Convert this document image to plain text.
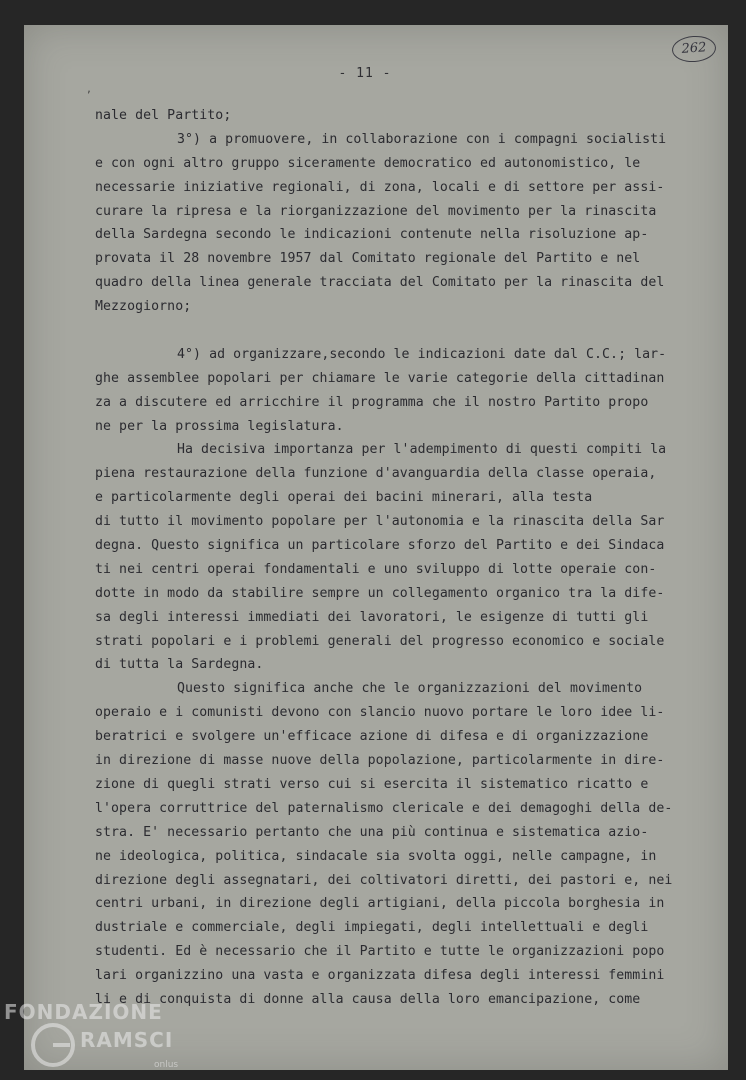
,
262
- 11 -
nale del Partito;
3°) a promuovere, in collaborazione con i compagni socialisti
e con ogni altro gruppo siceramente democratico ed autonomistico, le
necessarie iniziative regionali, di zona, locali e di settore per assi-
curare la ripresa e la riorganizzazione del movimento per la rinascita
della Sardegna secondo le indicazioni contenute nella risoluzione ap-
provata il 28 novembre 1957 dal Comitato regionale del Partito e nel
quadro della linea generale tracciata del Comitato per la rinascita del
Mezzogiorno;
4°) ad organizzare,secondo le indicazioni date dal C.C.; lar-
ghe assemblee popolari per chiamare le varie categorie della cittadinan
za a discutere ed arricchire il programma che il nostro Partito propo
ne per la prossima legislatura.
Ha decisiva importanza per l'adempimento di questi compiti la
piena restaurazione della funzione d'avanguardia della classe operaia,
e particolarmente degli operai dei bacini minerari, alla testa
di tutto il movimento popolare per l'autonomia e la rinascita della Sar
degna. Questo significa un particolare sforzo del Partito e dei Sindaca
ti nei centri operai fondamentali e uno sviluppo di lotte operaie con-
dotte in modo da stabilire sempre un collegamento organico tra la dife-
sa degli interessi immediati dei lavoratori, le esigenze di tutti gli
strati popolari e i problemi generali del progresso economico e sociale
di tutta la Sardegna.
Questo significa anche che le organizzazioni del movimento
operaio e i comunisti devono con slancio nuovo portare le loro idee li-
beratrici e svolgere un'efficace azione di difesa e di organizzazione
in direzione di masse nuove della popolazione, particolarmente in dire-
zione di quegli strati verso cui si esercita il sistematico ricatto e
l'opera corruttrice del paternalismo clericale e dei demagoghi della de-
stra. E' necessario pertanto che una più continua e sistematica azio-
ne ideologica, politica, sindacale sia svolta oggi, nelle campagne, in
direzione degli assegnatari, dei coltivatori diretti, dei pastori e, nei
centri urbani, in direzione degli artigiani, della piccola borghesia in
dustriale e commerciale, degli impiegati, degli intellettuali e degli
studenti. Ed è necessario che il Partito e tutte le organizzazioni popo
lari organizzino una vasta e organizzata difesa degli interessi femmini
li e di conquista di donne alla causa della loro emancipazione, come
FONDAZIONE
RAMSCI
onlus
